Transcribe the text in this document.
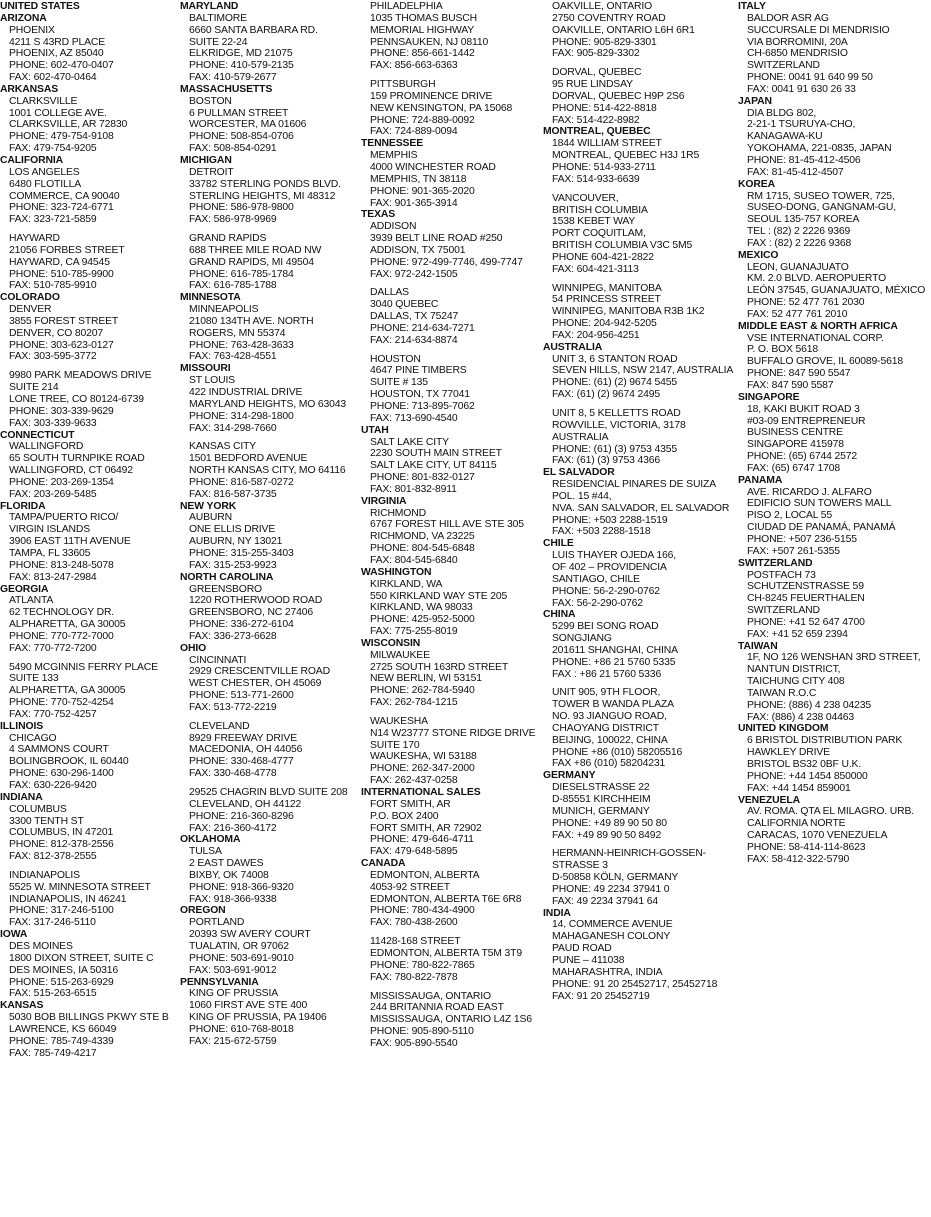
UNITED STATES
ARIZONA
PHOENIX
4211 S 43RD PLACE
PHOENIX, AZ 85040
PHONE: 602-470-0407
FAX: 602-470-0464
ARKANSAS
CLARKSVILLE
1001 COLLEGE AVE.
CLARKSVILLE, AR 72830
PHONE: 479-754-9108
FAX: 479-754-9205
CALIFORNIA
LOS ANGELES
6480 FLOTILLA
COMMERCE, CA 90040
PHONE: 323-724-6771
FAX: 323-721-5859
HAYWARD
21056 FORBES STREET
HAYWARD, CA 94545
PHONE: 510-785-9900
FAX: 510-785-9910
COLORADO
DENVER
3855 FOREST STREET
DENVER, CO 80207
PHONE: 303-623-0127
FAX: 303-595-3772
9980 PARK MEADOWS DRIVE
SUITE 214
LONE TREE, CO 80124-6739
PHONE: 303-339-9629
FAX: 303-339-9633
CONNECTICUT
WALLINGFORD
65 SOUTH TURNPIKE ROAD
WALLINGFORD, CT 06492
PHONE: 203-269-1354
FAX: 203-269-5485
FLORIDA
TAMPA/PUERTO RICO/
VIRGIN ISLANDS
3906 EAST 11TH AVENUE
TAMPA, FL 33605
PHONE: 813-248-5078
FAX: 813-247-2984
GEORGIA
ATLANTA
62 TECHNOLOGY DR.
ALPHARETTA, GA 30005
PHONE: 770-772-7000
FAX: 770-772-7200
5490 MCGINNIS FERRY PLACE
SUITE 133
ALPHARETTA, GA 30005
PHONE: 770-752-4254
FAX: 770-752-4257
ILLINOIS
CHICAGO
4 SAMMONS COURT
BOLINGBROOK, IL 60440
PHONE: 630-296-1400
FAX: 630-226-9420
INDIANA
COLUMBUS
3300 TENTH ST
COLUMBUS, IN 47201
PHONE: 812-378-2556
FAX: 812-378-2555
INDIANAPOLIS
5525 W. MINNESOTA STREET
INDIANAPOLIS, IN 46241
PHONE: 317-246-5100
FAX: 317-246-5110
IOWA
DES MOINES
1800 DIXON STREET, SUITE C
DES MOINES, IA 50316
PHONE: 515-263-6929
FAX: 515-263-6515
KANSAS
5030 BOB BILLINGS PKWY STE B
LAWRENCE, KS 66049
PHONE: 785-749-4339
FAX: 785-749-4217
MARYLAND
BALTIMORE
6660 SANTA BARBARA RD.
SUITE 22-24
ELKRIDGE, MD 21075
PHONE: 410-579-2135
FAX: 410-579-2677
MASSACHUSETTS
BOSTON
6 PULLMAN STREET
WORCESTER, MA 01606
PHONE: 508-854-0706
FAX: 508-854-0291
MICHIGAN
DETROIT
33782 STERLING PONDS BLVD.
STERLING HEIGHTS, MI 48312
PHONE: 586-978-9800
FAX: 586-978-9969
GRAND RAPIDS
688 THREE MILE ROAD NW
GRAND RAPIDS, MI 49504
PHONE: 616-785-1784
FAX: 616-785-1788
MINNESOTA
MINNEAPOLIS
21080 134TH AVE. NORTH
ROGERS, MN 55374
PHONE: 763-428-3633
FAX: 763-428-4551
MISSOURI
ST LOUIS
422 INDUSTRIAL DRIVE
MARYLAND HEIGHTS, MO 63043
PHONE: 314-298-1800
FAX: 314-298-7660
KANSAS CITY
1501 BEDFORD AVENUE
NORTH KANSAS CITY, MO 64116
PHONE: 816-587-0272
FAX: 816-587-3735
NEW YORK
AUBURN
ONE ELLIS DRIVE
AUBURN, NY 13021
PHONE: 315-255-3403
FAX: 315-253-9923
NORTH CAROLINA
GREENSBORO
1220 ROTHERWOOD ROAD
GREENSBORO, NC 27406
PHONE: 336-272-6104
FAX: 336-273-6628
OHIO
CINCINNATI
2929 CRESCENTVILLE ROAD
WEST CHESTER, OH 45069
PHONE: 513-771-2600
FAX: 513-772-2219
CLEVELAND
8929 FREEWAY DRIVE
MACEDONIA, OH 44056
PHONE: 330-468-4777
FAX: 330-468-4778
29525 CHAGRIN BLVD SUITE 208
CLEVELAND, OH 44122
PHONE: 216-360-8296
FAX: 216-360-4172
OKLAHOMA
TULSA
2 EAST DAWES
BIXBY, OK 74008
PHONE: 918-366-9320
FAX: 918-366-9338
OREGON
PORTLAND
20393 SW AVERY COURT
TUALATIN, OR 97062
PHONE: 503-691-9010
FAX: 503-691-9012
PENNSYLVANIA
KING OF PRUSSIA
1060 FIRST AVE STE 400
KING OF PRUSSIA, PA 19406
PHONE: 610-768-8018
FAX: 215-672-5759
PHILADELPHIA
1035 THOMAS BUSCH
MEMORIAL HIGHWAY
PENNSAUKEN, NJ 08110
PHONE: 856-661-1442
FAX: 856-663-6363
PITTSBURGH
159 PROMINENCE DRIVE
NEW KENSINGTON, PA 15068
PHONE: 724-889-0092
FAX: 724-889-0094
TENNESSEE
MEMPHIS
4000 WINCHESTER ROAD
MEMPHIS, TN 38118
PHONE: 901-365-2020
FAX: 901-365-3914
TEXAS
ADDISON
3939 BELT LINE ROAD #250
ADDISON, TX 75001
PHONE: 972-499-7746, 499-7747
FAX: 972-242-1505
DALLAS
3040 QUEBEC
DALLAS, TX 75247
PHONE: 214-634-7271
FAX: 214-634-8874
HOUSTON
4647 PINE TIMBERS
SUITE # 135
HOUSTON, TX 77041
PHONE: 713-895-7062
FAX: 713-690-4540
UTAH
SALT LAKE CITY
2230 SOUTH MAIN STREET
SALT LAKE CITY, UT 84115
PHONE: 801-832-0127
FAX: 801-832-8911
VIRGINIA
RICHMOND
6767 FOREST HILL AVE STE 305
RICHMOND, VA 23225
PHONE: 804-545-6848
FAX: 804-545-6840
WASHINGTON
KIRKLAND, WA
550 KIRKLAND WAY STE 205
KIRKLAND, WA 98033
PHONE: 425-952-5000
FAX: 775-255-8019
WISCONSIN
MILWAUKEE
2725 SOUTH 163RD STREET
NEW BERLIN, WI 53151
PHONE: 262-784-5940
FAX: 262-784-1215
WAUKESHA
N14 W23777 STONE RIDGE DRIVE
SUITE 170
WAUKESHA, WI 53188
PHONE: 262-347-2000
FAX: 262-437-0258
INTERNATIONAL SALES
FORT SMITH, AR
P.O. BOX 2400
FORT SMITH, AR 72902
PHONE: 479-646-4711
FAX: 479-648-5895
CANADA
EDMONTON, ALBERTA
4053-92 STREET
EDMONTON, ALBERTA T6E 6R8
PHONE: 780-434-4900
FAX: 780-438-2600
11428-168 STREET
EDMONTON, ALBERTA T5M 3T9
PHONE: 780-822-7865
FAX: 780-822-7878
MISSISSAUGA, ONTARIO
244 BRITANNIA ROAD EAST
MISSISSAUGA, ONTARIO L4Z 1S6
PHONE: 905-890-5110
FAX: 905-890-5540
OAKVILLE, ONTARIO
2750 COVENTRY ROAD
OAKVILLE, ONTARIO L6H 6R1
PHONE: 905-829-3301
FAX: 905-829-3302
DORVAL, QUEBEC
95 RUE LINDSAY
DORVAL, QUEBEC H9P 2S6
PHONE: 514-422-8818
FAX: 514-422-8982
MONTREAL, QUEBEC
1844 WILLIAM STREET
MONTREAL, QUEBEC H3J 1R5
PHONE: 514-933-2711
FAX: 514-933-6639
VANCOUVER,
BRITISH COLUMBIA
1538 KEBET WAY
PORT COQUITLAM,
BRITISH COLUMBIA V3C 5M5
PHONE 604-421-2822
FAX: 604-421-3113
WINNIPEG, MANITOBA
54 PRINCESS STREET
WINNIPEG, MANITOBA R3B 1K2
PHONE: 204-942-5205
FAX: 204-956-4251
AUSTRALIA
UNIT 3, 6 STANTON ROAD
SEVEN HILLS, NSW 2147, AUSTRALIA
PHONE: (61) (2) 9674 5455
FAX: (61) (2) 9674 2495
UNIT 8, 5 KELLETTS ROAD
ROWVILLE, VICTORIA, 3178
AUSTRALIA
PHONE: (61) (3) 9753 4355
FAX: (61) (3) 9753 4366
EL SALVADOR
RESIDENCIAL PINARES DE SUIZA
POL. 15 #44,
NVA. SAN SALVADOR, EL SALVADOR
PHONE: +503 2288-1519
FAX: +503 2288-1518
CHILE
LUIS THAYER OJEDA 166,
OF 402 – PROVIDENCIA
SANTIAGO, CHILE
PHONE: 56-2-290-0762
FAX: 56-2-290-0762
CHINA
5299 BEI SONG ROAD
SONGJIANG
201611 SHANGHAI, CHINA
PHONE: +86 21 5760 5335
FAX : +86 21 5760 5336
UNIT 905, 9TH FLOOR,
TOWER B WANDA PLAZA
NO. 93 JIANGUO ROAD,
CHAOYANG DISTRICT
BEIJING, 100022, CHINA
PHONE +86 (010) 58205516
FAX +86 (010) 58204231
GERMANY
DIESELSTRASSE 22
D-85551 KIRCHHEIM
MUNICH, GERMANY
PHONE: +49 89 90 50 80
FAX: +49 89 90 50 8492
HERMANN-HEINRICH-GOSSEN-
STRASSE 3
D-50858 KÖLN, GERMANY
PHONE: 49 2234 37941 0
FAX: 49 2234 37941 64
INDIA
14, COMMERCE AVENUE
MAHAGANESH COLONY
PAUD ROAD
PUNE – 411038
MAHARASHTRA, INDIA
PHONE: 91 20 25452717, 25452718
FAX: 91 20 25452719
ITALY
BALDOR ASR AG
SUCCURSALE DI MENDRISIO
VIA BORROMINI, 20A
CH-6850 MENDRISIO
SWITZERLAND
PHONE: 0041 91 640 99 50
FAX: 0041 91 630 26 33
JAPAN
DIA BLDG 802,
2-21-1 TSURUYA-CHO,
KANAGAWA-KU
YOKOHAMA, 221-0835, JAPAN
PHONE: 81-45-412-4506
FAX: 81-45-412-4507
KOREA
RM 1715, SUSEO TOWER, 725,
SUSEO-DONG, GANGNAM-GU,
SEOUL 135-757 KOREA
TEL : (82) 2 2226 9369
FAX : (82) 2 2226 9368
MEXICO
LEON, GUANAJUATO
KM. 2.0 BLVD. AEROPUERTO
LEÓN 37545, GUANAJUATO, MÉXICO
PHONE: 52 477 761 2030
FAX: 52 477 761 2010
MIDDLE EAST & NORTH AFRICA
VSE INTERNATIONAL CORP.
P. O. BOX 5618
BUFFALO GROVE, IL 60089-5618
PHONE: 847 590 5547
FAX: 847 590 5587
SINGAPORE
18, KAKI BUKIT ROAD 3
#03-09 ENTREPRENEUR
BUSINESS CENTRE
SINGAPORE 415978
PHONE: (65) 6744 2572
FAX: (65) 6747 1708
PANAMA
AVE. RICARDO J. ALFARO
EDIFICIO SUN TOWERS MALL
PISO 2, LOCAL 55
CIUDAD DE PANAMÁ, PANAMÁ
PHONE: +507 236-5155
FAX: +507 261-5355
SWITZERLAND
POSTFACH 73
SCHUTZENSTRASSE 59
CH-8245 FEUERTHALEN
SWITZERLAND
PHONE: +41 52 647 4700
FAX: +41 52 659 2394
TAIWAN
1F, NO 126 WENSHAN 3RD STREET,
NANTUN DISTRICT,
TAICHUNG CITY 408
TAIWAN R.O.C
PHONE: (886) 4 238 04235
FAX: (886) 4 238 04463
UNITED KINGDOM
6 BRISTOL DISTRIBUTION PARK
HAWKLEY DRIVE
BRISTOL BS32 0BF U.K.
PHONE: +44 1454 850000
FAX: +44 1454 859001
VENEZUELA
AV. ROMA. QTA EL MILAGRO. URB.
CALIFORNIA NORTE
CARACAS, 1070 VENEZUELA
PHONE: 58-414-114-8623
FAX: 58-412-322-5790
